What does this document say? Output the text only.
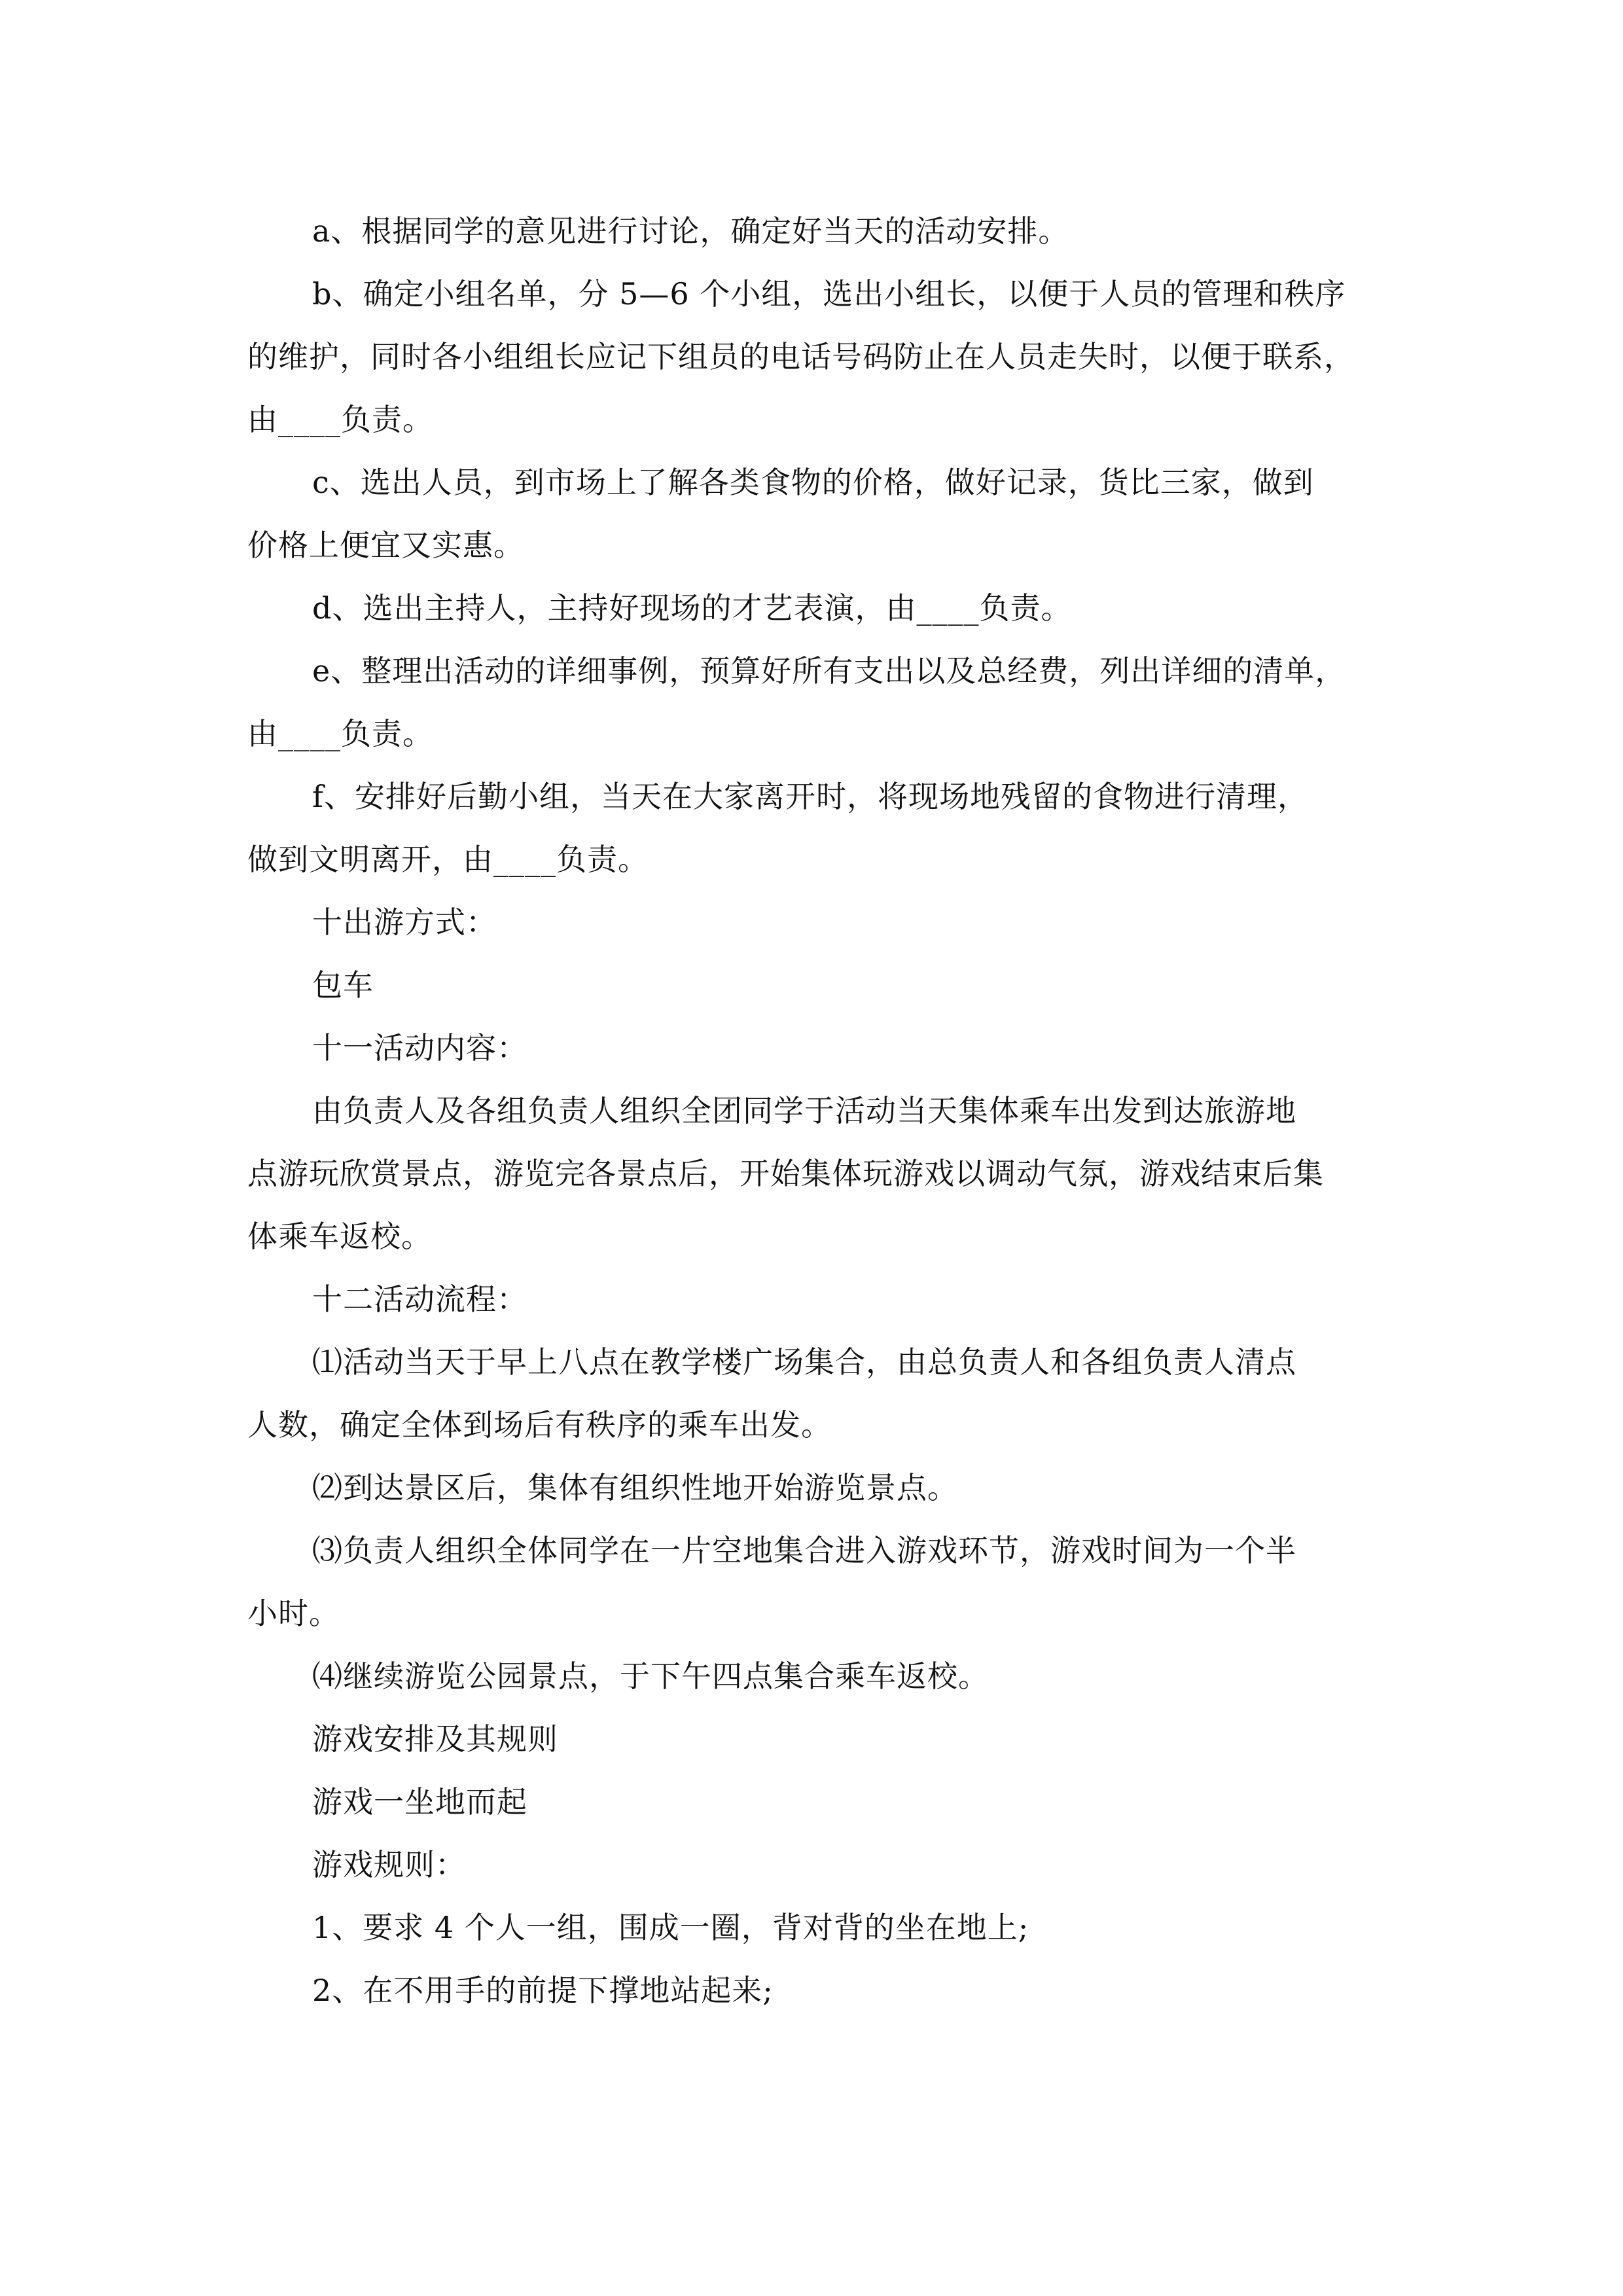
a、根据同学的意见进行讨论，确定好当天的活动安排。

b、确定小组名单，分 5—6 个小组，选出小组长，以便于人员的管理和秩序
的维护，同时各小组组长应记下组员的电话号码防止在人员走失时，以便于联系，
由____负责。

c、选出人员，到市场上了解各类食物的价格，做好记录，货比三家，做到
价格上便宜又实惠。

d、选出主持人，主持好现场的才艺表演，由____负责。

e、整理出活动的详细事例，预算好所有支出以及总经费，列出详细的清单，
由____负责。

f、安排好后勤小组，当天在大家离开时，将现场地残留的食物进行清理，
做到文明离开，由____负责。

十出游方式：

包车

十一活动内容：

由负责人及各组负责人组织全团同学于活动当天集体乘车出发到达旅游地
点游玩欣赏景点，游览完各景点后，开始集体玩游戏以调动气氛，游戏结束后集
体乘车返校。

十二活动流程：

⑴活动当天于早上八点在教学楼广场集合，由总负责人和各组负责人清点
人数，确定全体到场后有秩序的乘车出发。

⑵到达景区后，集体有组织性地开始游览景点。

⑶负责人组织全体同学在一片空地集合进入游戏环节，游戏时间为一个半
小时。

⑷继续游览公园景点，于下午四点集合乘车返校。

游戏安排及其规则

游戏一坐地而起

游戏规则：

1、要求 4 个人一组，围成一圈，背对背的坐在地上;

2、在不用手的前提下撑地站起来;
